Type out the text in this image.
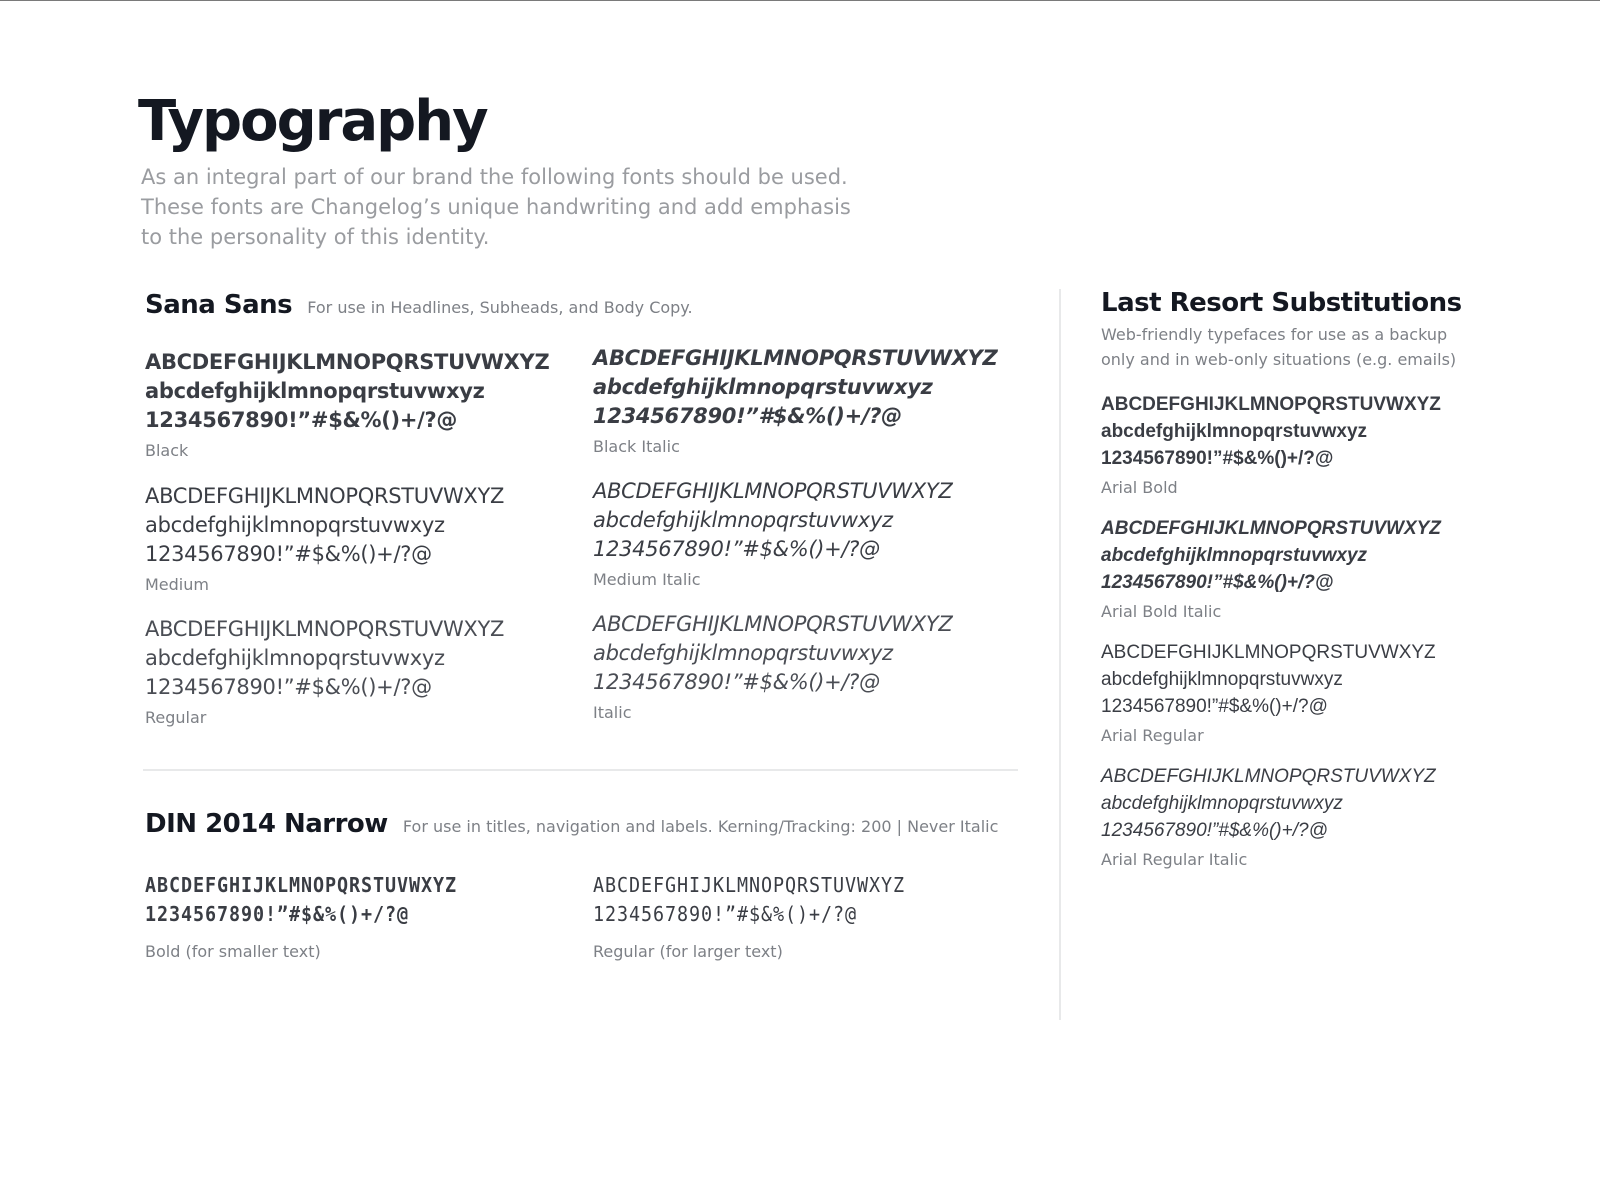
Typography
As an integral part of our brand the following fonts should be used.
These fonts are Changelog’s unique handwriting and add emphasis
to the personality of this identity.
Sana Sans For use in Headlines, Subheads, and Body Copy.
ABCDEFGHIJKLMNOPQRSTUVWXYZ
abcdefghijklmnopqrstuvwxyz
1234567890!”#$&%()+/?@
Black
ABCDEFGHIJKLMNOPQRSTUVWXYZ
abcdefghijklmnopqrstuvwxyz
1234567890!”#$&%()+/?@
Black Italic
ABCDEFGHIJKLMNOPQRSTUVWXYZ
abcdefghijklmnopqrstuvwxyz
1234567890!”#$&%()+/?@
Medium
ABCDEFGHIJKLMNOPQRSTUVWXYZ
abcdefghijklmnopqrstuvwxyz
1234567890!”#$&%()+/?@
Medium Italic
ABCDEFGHIJKLMNOPQRSTUVWXYZ
abcdefghijklmnopqrstuvwxyz
1234567890!”#$&%()+/?@
Regular
ABCDEFGHIJKLMNOPQRSTUVWXYZ
abcdefghijklmnopqrstuvwxyz
1234567890!”#$&%()+/?@
Italic
DIN 2014 Narrow For use in titles, navigation and labels. Kerning/Tracking: 200 | Never Italic
ABCDEFGHIJKLMNOPQRSTUVWXYZ
1234567890!”#$&%()+/?@
Bold (for smaller text)
ABCDEFGHIJKLMNOPQRSTUVWXYZ
1234567890!”#$&%()+/?@
Regular (for larger text)
Last Resort Substitutions
Web-friendly typefaces for use as a backup
only and in web-only situations (e.g. emails)
ABCDEFGHIJKLMNOPQRSTUVWXYZ
abcdefghijklmnopqrstuvwxyz
1234567890!”#$&%()+/?@
Arial Bold
ABCDEFGHIJKLMNOPQRSTUVWXYZ
abcdefghijklmnopqrstuvwxyz
1234567890!”#$&%()+/?@
Arial Bold Italic
ABCDEFGHIJKLMNOPQRSTUVWXYZ
abcdefghijklmnopqrstuvwxyz
1234567890!”#$&%()+/?@
Arial Regular
ABCDEFGHIJKLMNOPQRSTUVWXYZ
abcdefghijklmnopqrstuvwxyz
1234567890!”#$&%()+/?@
Arial Regular Italic
